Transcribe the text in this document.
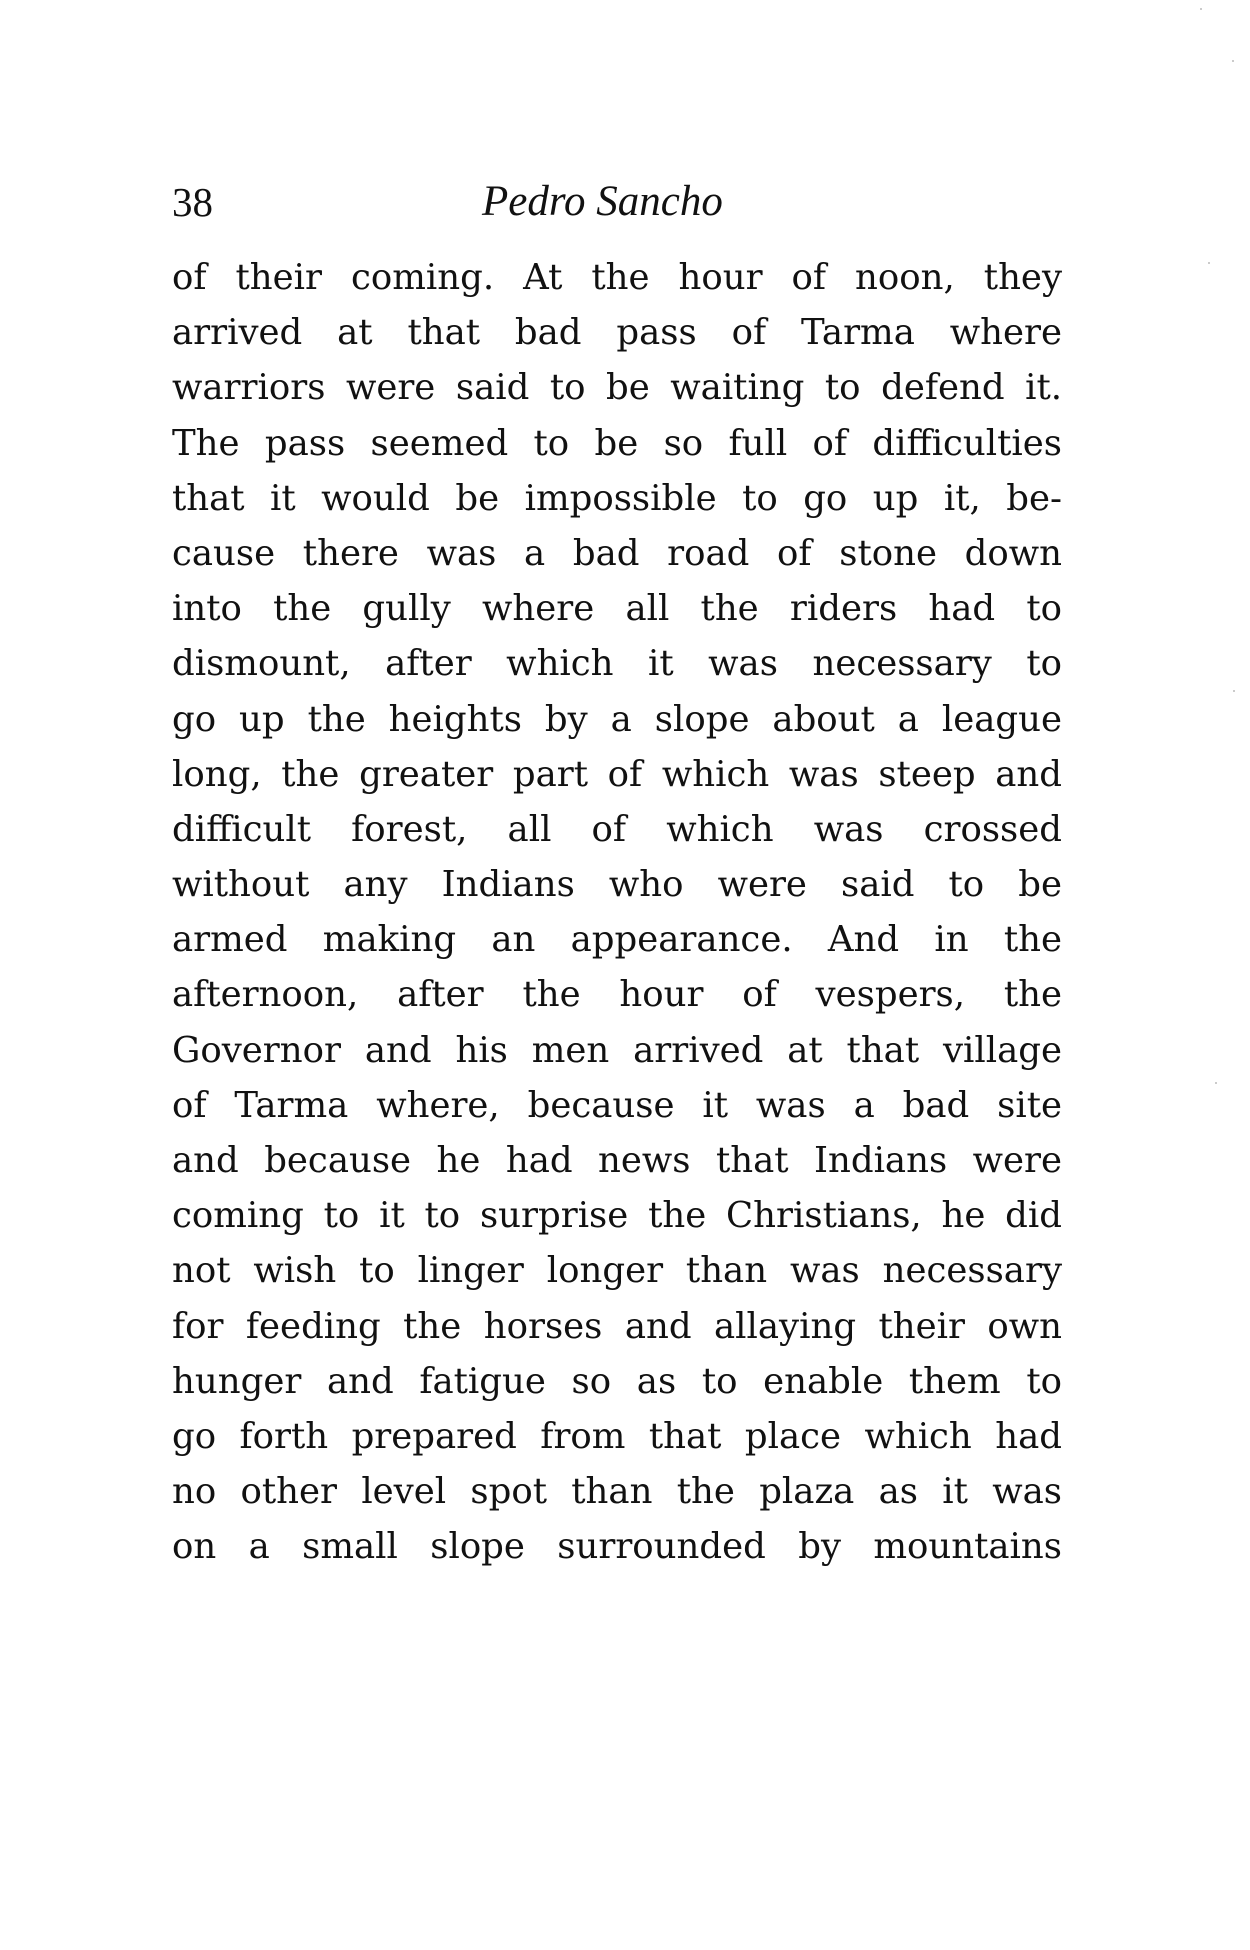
38	Pedro Sancho
of their coming. At the hour of noon, they
arrived at that bad pass of Tarma where
warriors were said to be waiting to defend it.
The pass seemed to be so full of difficulties
that it would be impossible to go up it, be-
cause there was a bad road of stone down
into the gully where all the riders had to
dismount, after which it was necessary to
go up the heights by a slope about a league
long, the greater part of which was steep and
difficult forest, all of which was crossed
without any Indians who were said to be
armed making an appearance. And in the
afternoon, after the hour of vespers, the
Governor and his men arrived at that village
of Tarma where, because it was a bad site
and because he had news that Indians were
coming to it to surprise the Christians, he did
not wish to linger longer than was necessary
for feeding the horses and allaying their own
hunger and fatigue so as to enable them to
go forth prepared from that place which had
no other level spot than the plaza as it was
on a small slope surrounded by mountains
